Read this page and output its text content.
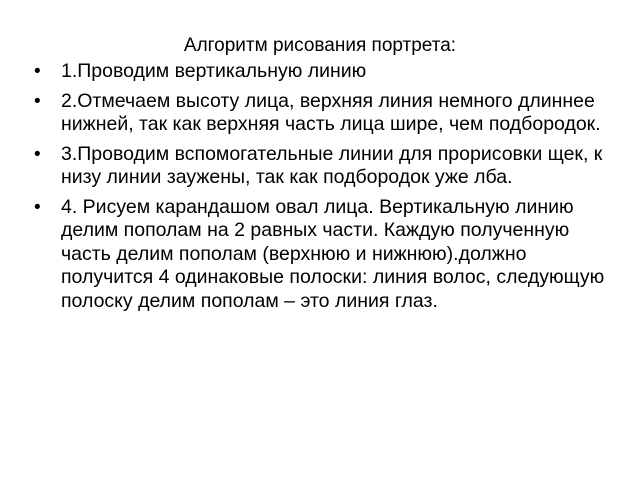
Алгоритм рисования портрета:
• 1.Проводим вертикальную линию
• 2.Отмечаем высоту лица, верхняя линия немного длиннее нижней, так как верхняя часть лица шире, чем подбородок.
• 3.Проводим вспомогательные линии для прорисовки щек, к низу линии заужены, так как подбородок уже лба.
• 4. Рисуем карандашом овал лица. Вертикальную линию делим пополам на 2 равных части. Каждую полученную часть делим пополам (верхнюю и нижнюю).должно получится 4 одинаковые полоски: линия волос, следующую полоску делим пополам – это линия глаз.
